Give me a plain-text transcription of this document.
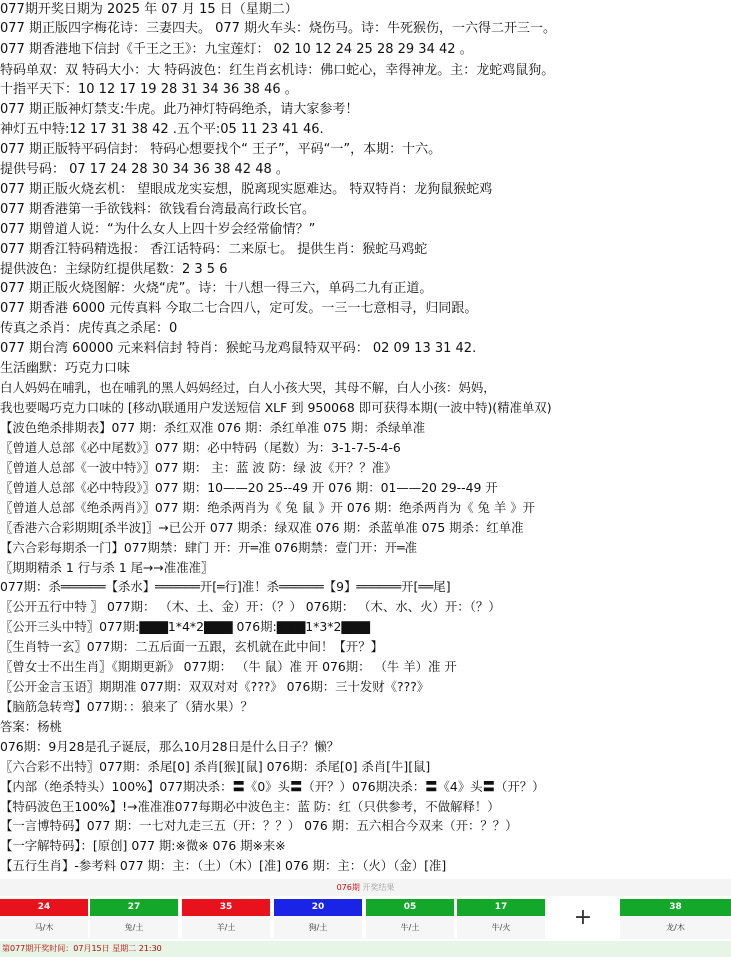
077期开奖日期为 2025 年 07 月 15 日（星期二）
077 期正版四字梅花诗：三妻四夫。 077 期火车头：烧伤马。诗：牛死猴伤，一六得二开三一。
077 期香港地下信封《千王之王》：九宝莲灯： 02 10 12 24 25 28 29 34 42 。
特码单双：双 特码大小：大 特码波色：红生肖玄机诗：佛口蛇心，幸得神龙。主：龙蛇鸡鼠狗。
十指平天下：10 12 17 19 28 31 34 36 38 46 。
077 期正版神灯禁支:牛虎。此乃神灯特码绝杀，请大家参考！
神灯五中特:12 17 31 38 42 .五个平:05 11 23 41 46.
077 期正版特平码信封： 特码心想要找个“ 王子”，平码“一”，本期：十六。
提供号码： 07 17 24 28 30 34 36 38 42 48 。
077 期正版火烧玄机： 望眼成龙实妄想，脱离现实愿难达。 特双特肖：龙狗鼠猴蛇鸡
077 期香港第一手欲钱料：欲钱看台湾最高行政长官。
077 期曾道人说：“为什么女人上四十岁会经常偷情？”
077 期香江特码精选报： 香江话特码：二来原七。 提供生肖：猴蛇马鸡蛇
提供波色：主绿防红提供尾数：2 3 5 6
077 期正版火烧图解：火烧“虎”。诗：十八想一得三六，单码二九有正道。
077 期香港 6000 元传真料 今取二七合四八，定可发。一三一七意相寻，归同跟。
传真之杀肖：虎传真之杀尾：0
077 期台湾 60000 元来料信封 特肖：猴蛇马龙鸡鼠特双平码： 02 09 13 31 42.
生活幽默：巧克力口味
白人妈妈在哺乳，也在哺乳的黑人妈妈经过，白人小孩大哭，其母不解，白人小孩：妈妈，
我也要喝巧克力口味的 [移动\联通用户发送短信 XLF 到 950068 即可获得本期(一波中特)(精准单双)
【波色绝杀排期表】077 期：杀红双准 076 期：杀红单准 075 期：杀绿单准
〖曾道人总部《必中尾数》〗077 期：必中特码（尾数）为：3-1-7-5-4-6
〖曾道人总部《一波中特》〗077 期： 主：蓝 波 防：绿 波《开？？准》
〖曾道人总部《必中特段》〗077 期：10——20 25--49 开 076 期：01——20 29--49 开
〖曾道人总部《绝杀两肖》〗077 期：绝杀两肖为《 兔 鼠 》开 076 期：绝杀两肖为《 兔 羊 》开
〖香港六合彩期期[杀半波]〗→已公开 077 期杀：绿双准 076 期：杀蓝单准 075 期杀：红单准
【六合彩每期杀一门】077期禁：肆门 开：开═准 076期禁：壹门开：开═准
〖期期精杀 1 行与杀 1 尾→→准准准〗
077期：杀══════【杀水】══════开[═行]准！杀══════【9】══════开[══尾]
〖公开五行中特 〗 077期： （木、土、金）开：（？） 076期： （木、水、火）开：（？）
〖公开三头中特〗077期:▇▇▇1*4*2▇▇▇ 076期:▇▇▇1*3*2▇▇▇
〖生肖特一玄〗077期：二五后面一五跟，玄机就在此中间！【开？】
〖曾女士不出生肖〗《期期更新》 077期： （牛 鼠）准 开 076期： （牛 羊）准 开
〖公开金言玉语〗期期准 077期：双双对对《???》 076期：三十发财《???》
【脑筋急转弯】077期：：狼来了（猜水果）？
答案：杨桃
076期：9月28是孔子诞辰，那么10月28日是什么日子？懒？
〖六合彩不出特〗077期：杀尾[0] 杀肖[猴][鼠] 076期：杀尾[0] 杀肖[牛][鼠]
【内部（绝杀特头）100%】077期决杀：〓《0》头〓（开？）076期决杀：〓《4》头〓（开？）
【特码波色王100%】!→准准准077每期必中波色主：蓝 防：红（只供参考，不做解释！）
【一言博特码】077 期：一七对九走三五（开：？？） 076 期：五六相合今双来（开：？？）
【一字解特码】：[原创] 077 期:※微※ 076 期※来※
【五行生肖】-参考料 077 期：主：（土）（木）[准] 076 期：主：（火）（金）[准]
076期 开奖结果
+
24
马/木
27
兔/土
35
羊/土
20
狗/土
05
牛/土
17
牛/火
38
龙/木
第077期开奖时间：07月15日 星期二 21:30
